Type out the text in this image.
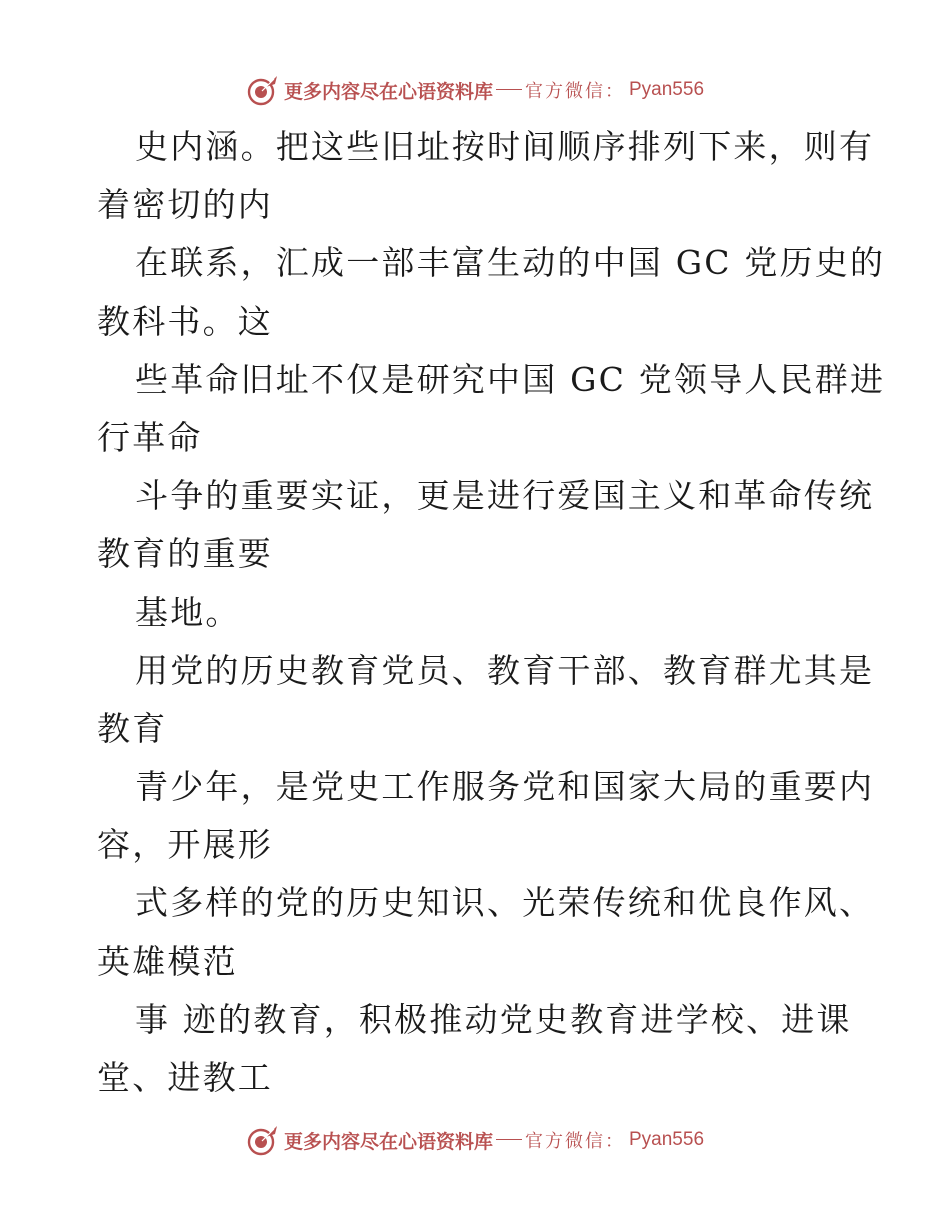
更多内容尽在心语资料库 官方微信： Pyan556
史内涵。把这些旧址按时间顺序排列下来，则有
着密切的内
在联系，汇成一部丰富生动的中国 GC 党历史的
教科书。这
些革命旧址不仅是研究中国 GC 党领导人民群进
行革命
斗争的重要实证，更是进行爱国主义和革命传统
教育的重要
基地。
用党的历史教育党员、教育干部、教育群尤其是
教育
青少年，是党史工作服务党和国家大局的重要内
容，开展形
式多样的党的历史知识、光荣传统和优良作风、
英雄模范
事 迹的教育，积极推动党史教育进学校、进课
堂、进教工
更多内容尽在心语资料库 官方微信： Pyan556
